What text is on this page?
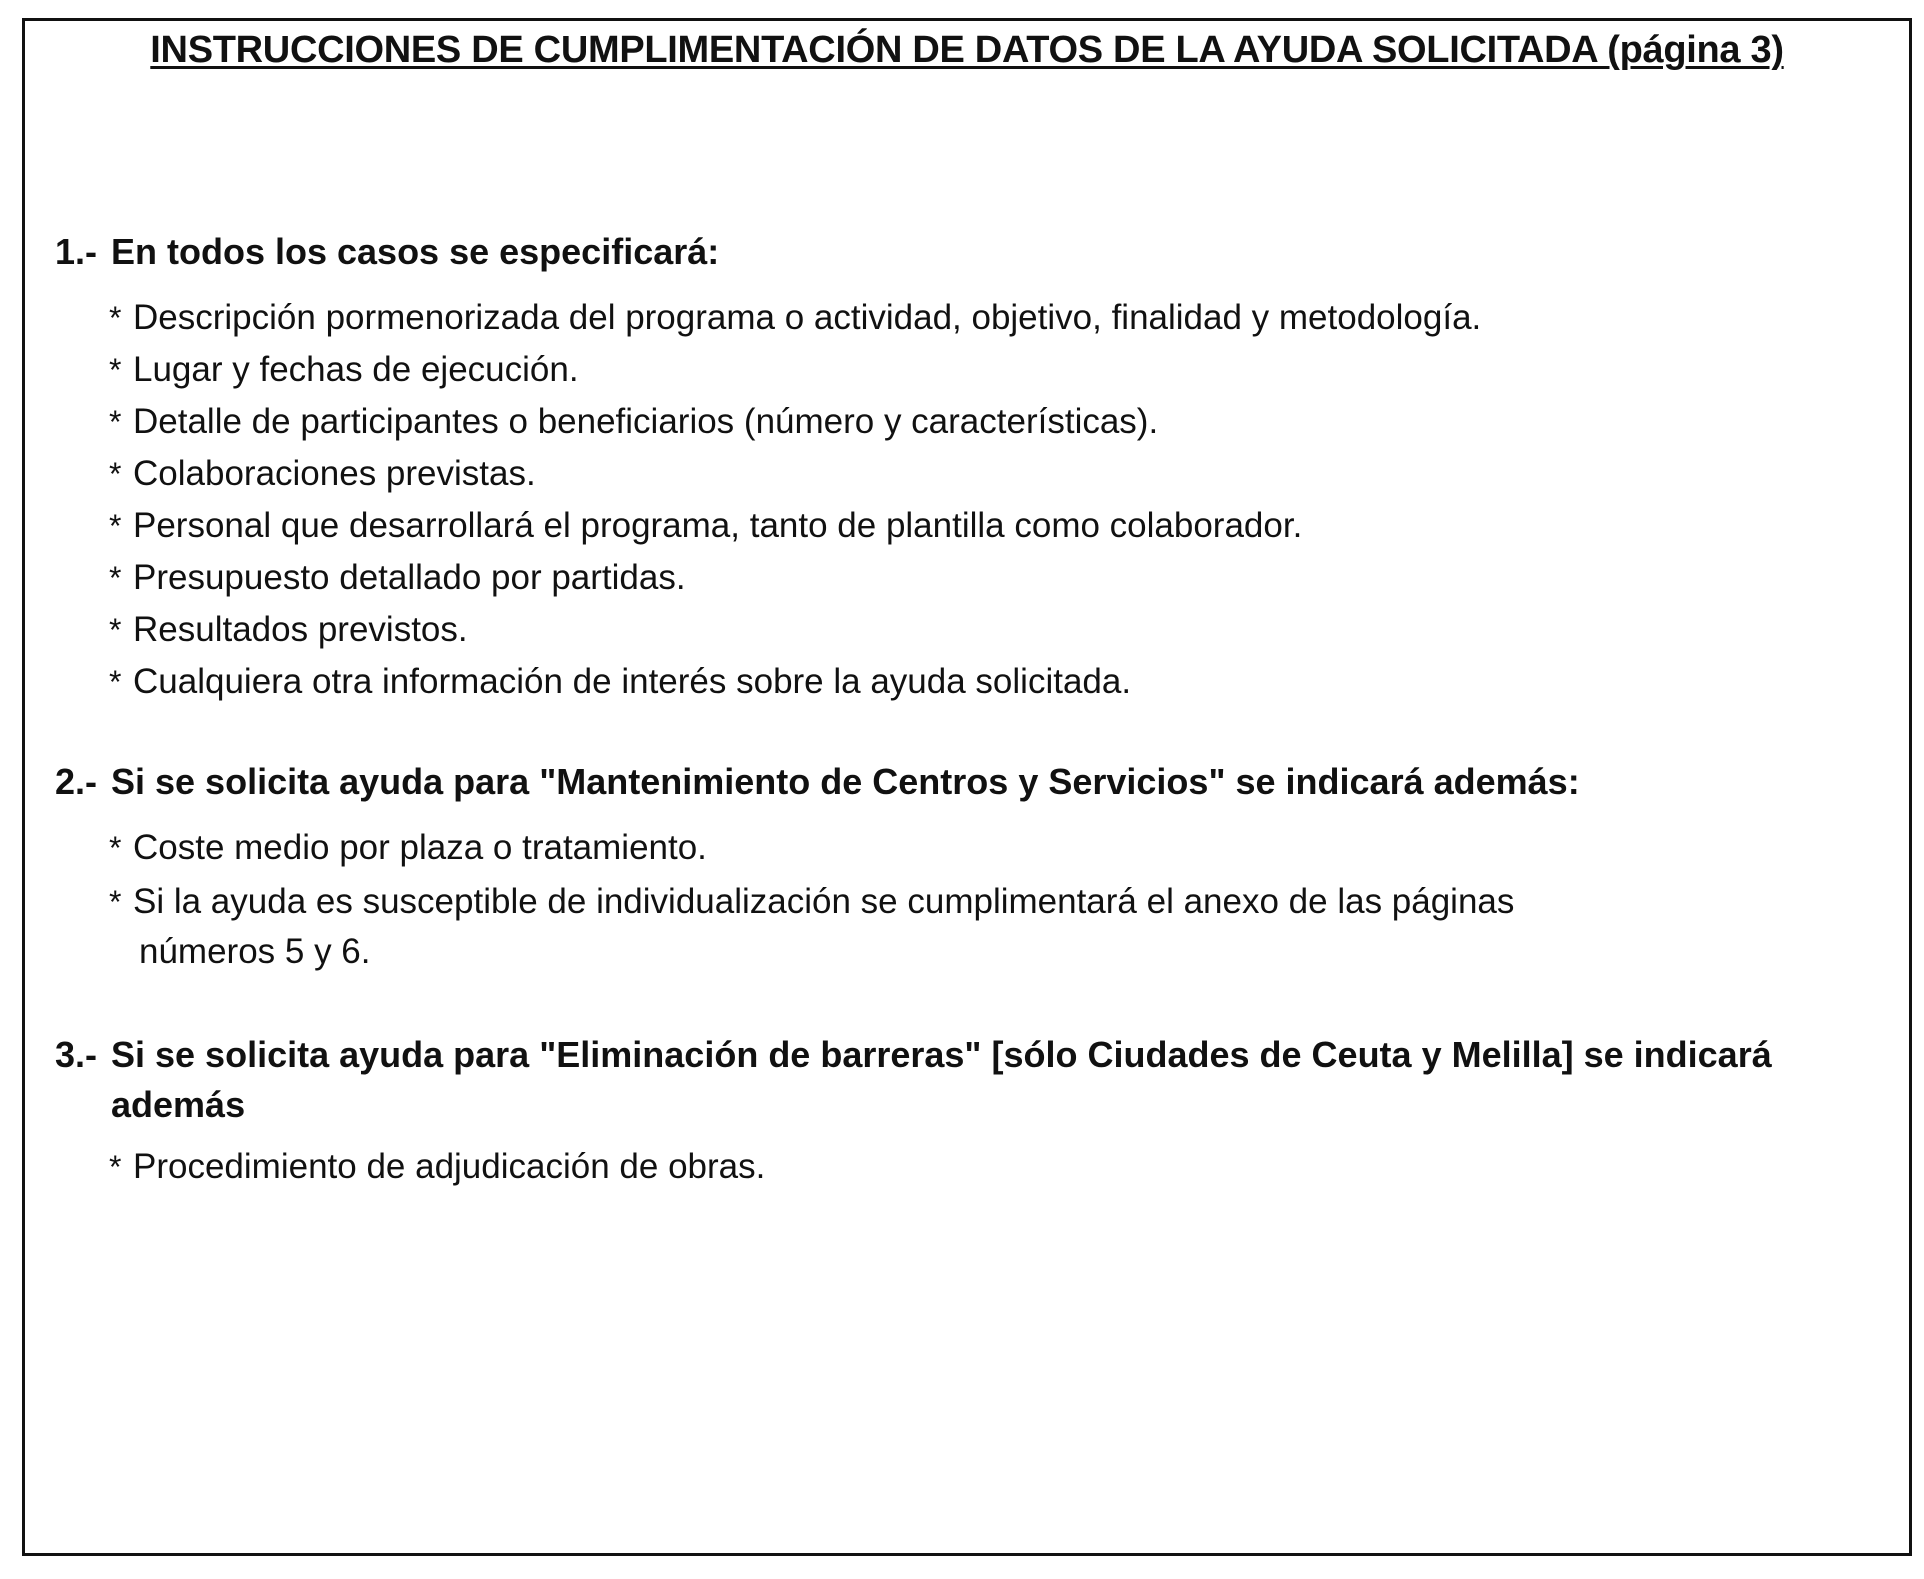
INSTRUCCIONES DE CUMPLIMENTACIÓN DE DATOS DE LA AYUDA SOLICITADA (página 3)
1.- En todos los casos se especificará:
* Descripción pormenorizada del programa o actividad, objetivo, finalidad y metodología.
* Lugar y fechas de ejecución.
* Detalle de participantes o beneficiarios (número y características).
* Colaboraciones previstas.
* Personal que desarrollará el programa, tanto de plantilla como colaborador.
* Presupuesto detallado por partidas.
* Resultados previstos.
* Cualquiera otra información de interés sobre la ayuda solicitada.
2.- Si se solicita ayuda para "Mantenimiento de Centros y Servicios" se indicará además:
* Coste medio por plaza o tratamiento.
* Si la ayuda es susceptible de individualización se cumplimentará el anexo de las páginas
números 5 y 6.
3.- Si se solicita ayuda para "Eliminación de barreras" [sólo Ciudades de Ceuta y Melilla] se indicará
además
* Procedimiento de adjudicación de obras.
